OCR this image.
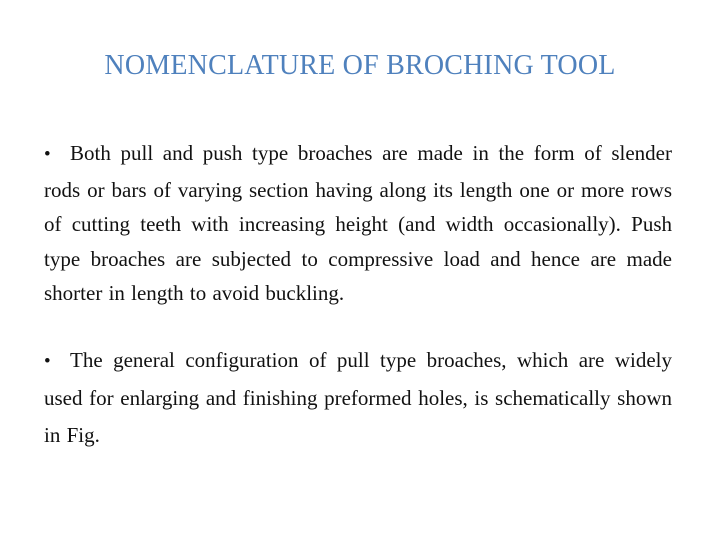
NOMENCLATURE OF BROCHING TOOL
• Both pull and push type broaches are made in the form of slender rods or bars of varying section having along its length one or more rows of cutting teeth with increasing height (and width occasionally). Push type broaches are subjected to compressive load and hence are made shorter in length to avoid buckling.
• The general configuration of pull type broaches, which are widely used for enlarging and finishing preformed holes, is schematically shown in Fig.
